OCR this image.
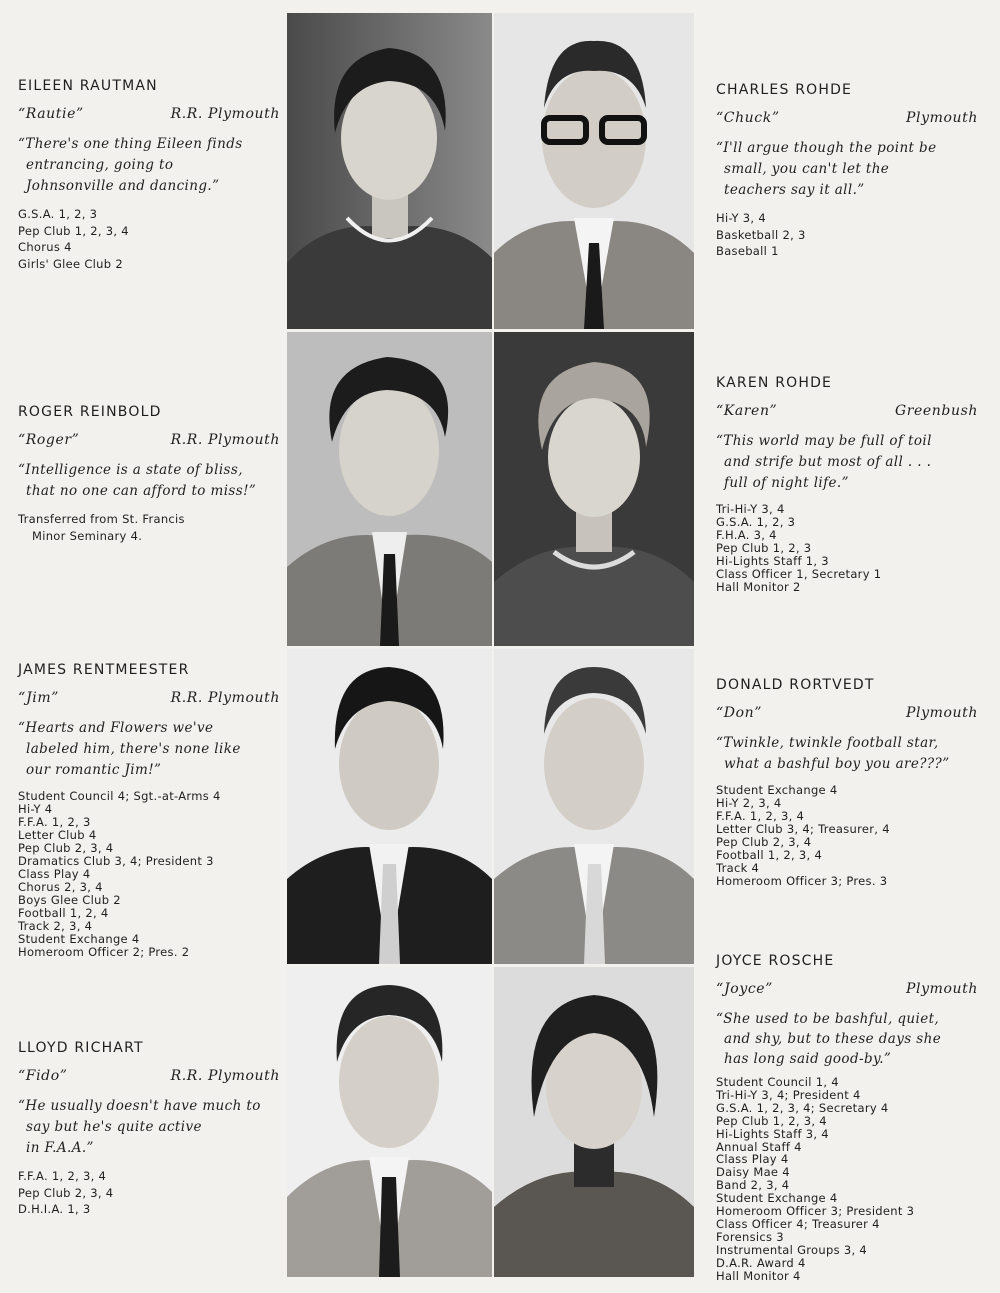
EILEEN RAUTMAN
“Rautie”	R.R. Plymouth
“There's one thing Eileen finds
entrancing, going to
Johnsonville and dancing.”
G.S.A. 1, 2, 3
Pep Club 1, 2, 3, 4
Chorus 4
Girls' Glee Club 2
ROGER REINBOLD
“Roger”	R.R. Plymouth
“Intelligence is a state of bliss,
that no one can afford to miss!”
Transferred from St. Francis
Minor Seminary 4.
JAMES RENTMEESTER
“Jim”	R.R. Plymouth
“Hearts and Flowers we've
labeled him, there's none like
our romantic Jim!”
Student Council 4; Sgt.-at-Arms 4
Hi-Y 4
F.F.A. 1, 2, 3
Letter Club 4
Pep Club 2, 3, 4
Dramatics Club 3, 4; President 3
Class Play 4
Chorus 2, 3, 4
Boys Glee Club 2
Football 1, 2, 4
Track 2, 3, 4
Student Exchange 4
Homeroom Officer 2; Pres. 2
LLOYD RICHART
“Fido”	R.R. Plymouth
“He usually doesn't have much to
say but he's quite active
in F.A.A.”
F.F.A. 1, 2, 3, 4
Pep Club 2, 3, 4
D.H.I.A. 1, 3
CHARLES ROHDE
“Chuck”	Plymouth
“I'll argue though the point be
small, you can't let the
teachers say it all.”
Hi-Y 3, 4
Basketball 2, 3
Baseball 1
KAREN ROHDE
“Karen”	Greenbush
“This world may be full of toil
and strife but most of all . . .
full of night life.”
Tri-Hi-Y 3, 4
G.S.A. 1, 2, 3
F.H.A. 3, 4
Pep Club 1, 2, 3
Hi-Lights Staff 1, 3
Class Officer 1, Secretary 1
Hall Monitor 2
DONALD RORTVEDT
“Don”	Plymouth
“Twinkle, twinkle football star,
what a bashful boy you are???”
Student Exchange 4
Hi-Y 2, 3, 4
F.F.A. 1, 2, 3, 4
Letter Club 3, 4; Treasurer, 4
Pep Club 2, 3, 4
Football 1, 2, 3, 4
Track 4
Homeroom Officer 3; Pres. 3
JOYCE ROSCHE
“Joyce”	Plymouth
“She used to be bashful, quiet,
and shy, but to these days she
has long said good-by.”
Student Council 1, 4
Tri-Hi-Y 3, 4; President 4
G.S.A. 1, 2, 3, 4; Secretary 4
Pep Club 1, 2, 3, 4
Hi-Lights Staff 3, 4
Annual Staff 4
Class Play 4
Daisy Mae 4
Band 2, 3, 4
Student Exchange 4
Homeroom Officer 3; President 3
Class Officer 4; Treasurer 4
Forensics 3
Instrumental Groups 3, 4
D.A.R. Award 4
Hall Monitor 4
